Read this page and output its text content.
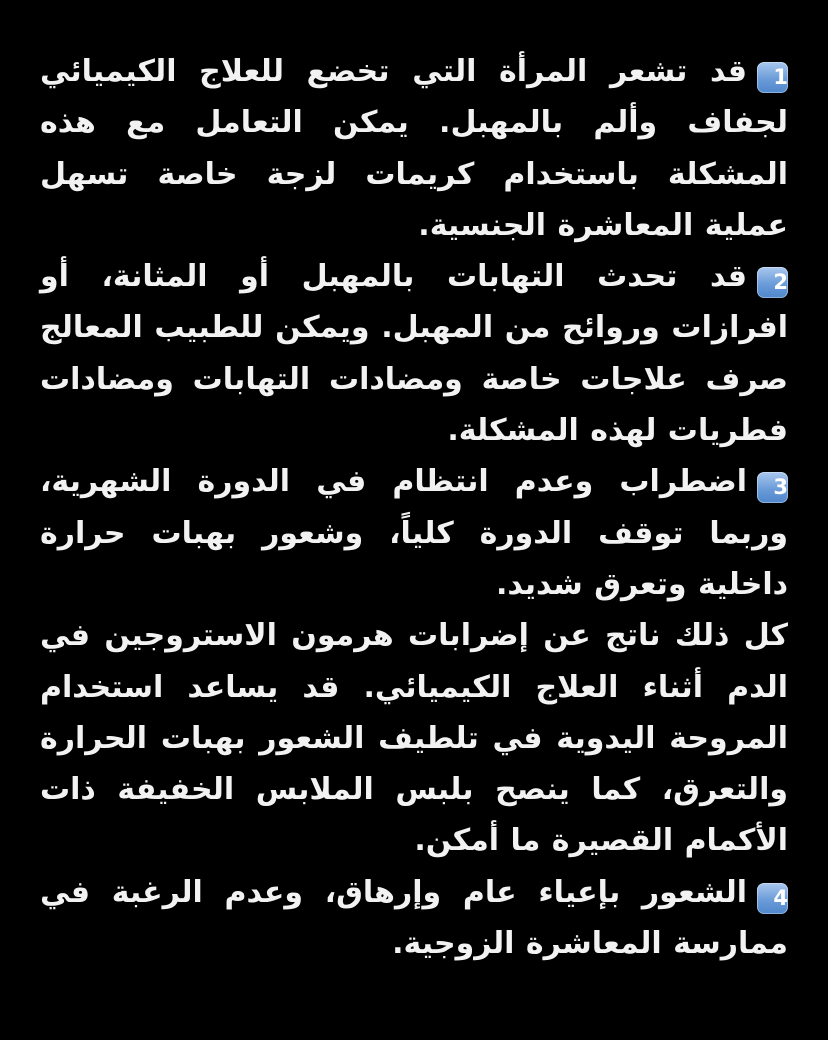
1قد تشعر المرأة التي تخضع للعلاج الكيميائي لجفاف وألم بالمهبل. يمكن التعامل مع هذه المشكلة باستخدام كريمات لزجة خاصة تسهل عملية المعاشرة الجنسية.

2قد تحدث التهابات بالمهبل أو المثانة، أو افرازات وروائح من المهبل. ويمكن للطبيب المعالج صرف علاجات خاصة ومضادات التهابات ومضادات فطريات لهذه المشكلة.

3اضطراب وعدم انتظام في الدورة الشهرية، وربما توقف الدورة كلياً، وشعور بهبات حرارة داخلية وتعرق شديد.

كل ذلك ناتج عن إضرابات هرمون الاستروجين في الدم أثناء العلاج الكيميائي. قد يساعد استخدام المروحة اليدوية في تلطيف الشعور بهبات الحرارة والتعرق، كما ينصح بلبس الملابس الخفيفة ذات الأكمام القصيرة ما أمكن.

4الشعور بإعياء عام وإرهاق، وعدم الرغبة في ممارسة المعاشرة الزوجية.
